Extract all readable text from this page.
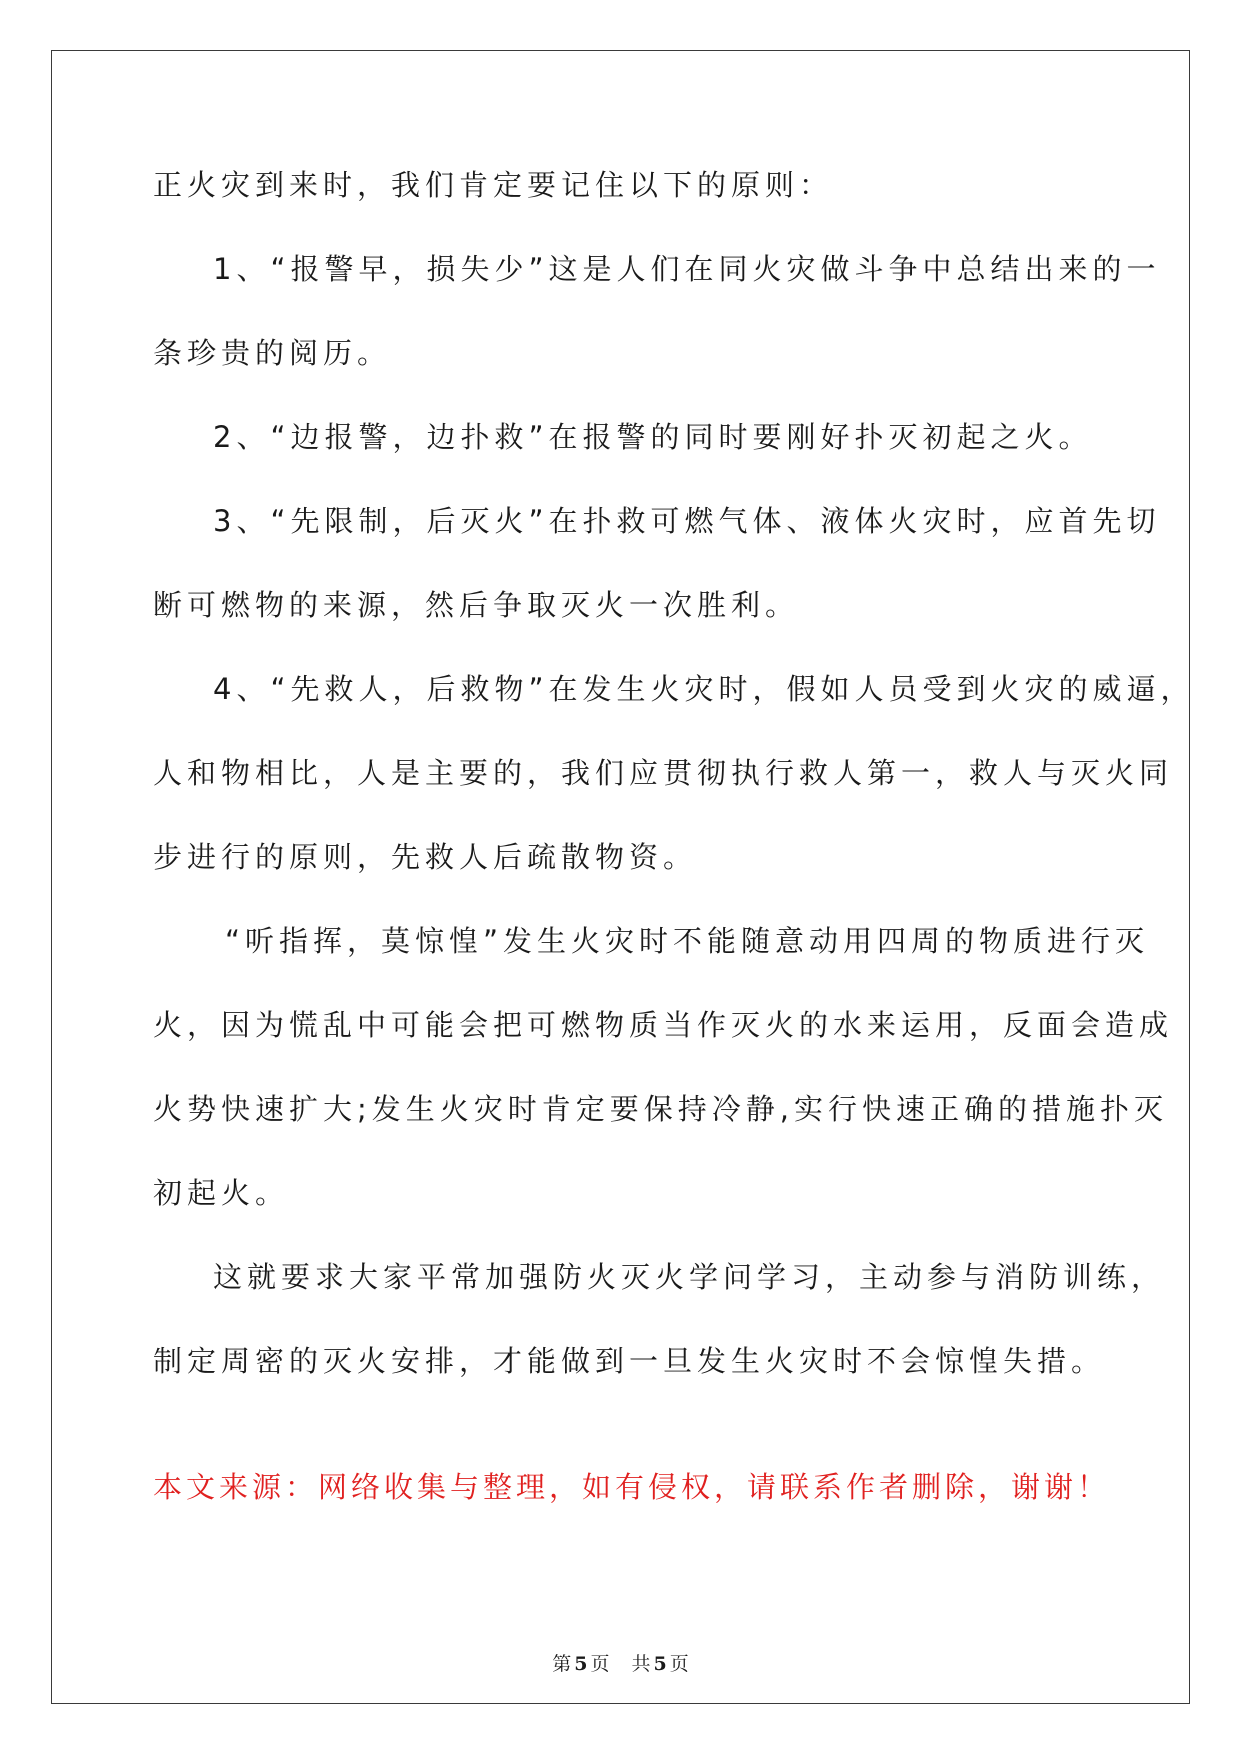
正火灾到来时，我们肯定要记住以下的原则：
1、“报警早，损失少”这是人们在同火灾做斗争中总结出来的一
条珍贵的阅历。
2、“边报警，边扑救”在报警的同时要刚好扑灭初起之火。
3、“先限制，后灭火”在扑救可燃气体、液体火灾时，应首先切
断可燃物的来源，然后争取灭火一次胜利。
4、“先救人，后救物”在发生火灾时，假如人员受到火灾的威逼，
人和物相比，人是主要的，我们应贯彻执行救人第一，救人与灭火同
步进行的原则，先救人后疏散物资。
“听指挥，莫惊惶”发生火灾时不能随意动用四周的物质进行灭
火，因为慌乱中可能会把可燃物质当作灭火的水来运用，反面会造成
火势快速扩大;发生火灾时肯定要保持冷静,实行快速正确的措施扑灭
初起火。
这就要求大家平常加强防火灭火学问学习，主动参与消防训练，
制定周密的灭火安排，才能做到一旦发生火灾时不会惊惶失措。
本文来源：网络收集与整理，如有侵权，请联系作者删除，谢谢！
第 5 页 共 5 页
